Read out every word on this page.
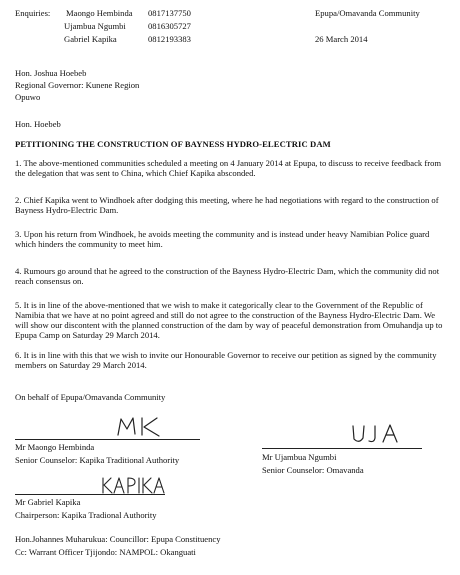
Enquiries: Maongo Hembinda 0817137750
Ujambua Ngumbi	0816305727
Gabriel Kapika	0812193383
Epupa/Omavanda Community
26 March 2014
Hon. Joshua Hoebeb
Regional Governor: Kunene Region
Opuwo
Hon. Hoebeb
PETITIONING THE CONSTRUCTION OF BAYNESS HYDRO-ELECTRIC DAM
1. The above-mentioned communities scheduled a meeting on 4 January 2014 at Epupa, to discuss to receive feedback from the delegation that was sent to China, which Chief Kapika absconded.
2. Chief Kapika went to Windhoek after dodging this meeting, where he had negotiations with regard to the construction of Bayness Hydro-Electric Dam.
3. Upon his return from Windhoek, he avoids meeting the community and is instead under heavy Namibian Police guard which hinders the community to meet him.
4. Rumours go around that he agreed to the construction of the Bayness Hydro-Electric Dam, which the community did not reach consensus on.
5. It is in line of the above-mentioned that we wish to make it categorically clear to the Government of the Republic of Namibia that we have at no point agreed and still do not agree to the construction of the Bayness Hydro-Electric Dam. We will show our discontent with the planned construction of the dam by way of peaceful demonstration from Omuhandja up to Epupa Camp on Saturday 29 March 2014.
6. It is in line with this that we wish to invite our Honourable Governor to receive our petition as signed by the community members on Saturday 29 March 2014.
On behalf of Epupa/Omavanda Community
Mr Maongo Hembinda
Senior Counselor: Kapika Traditional Authority	Mr Ujambua Ngumbi
Senior Counselor: Omavanda
Mr Gabriel Kapika
Chairperson: Kapika Tradional Authority
Hon.Johannes Muharukua: Councillor: Epupa Constituency
Cc: Warrant Officer Tjijondo: NAMPOL: Okanguati
